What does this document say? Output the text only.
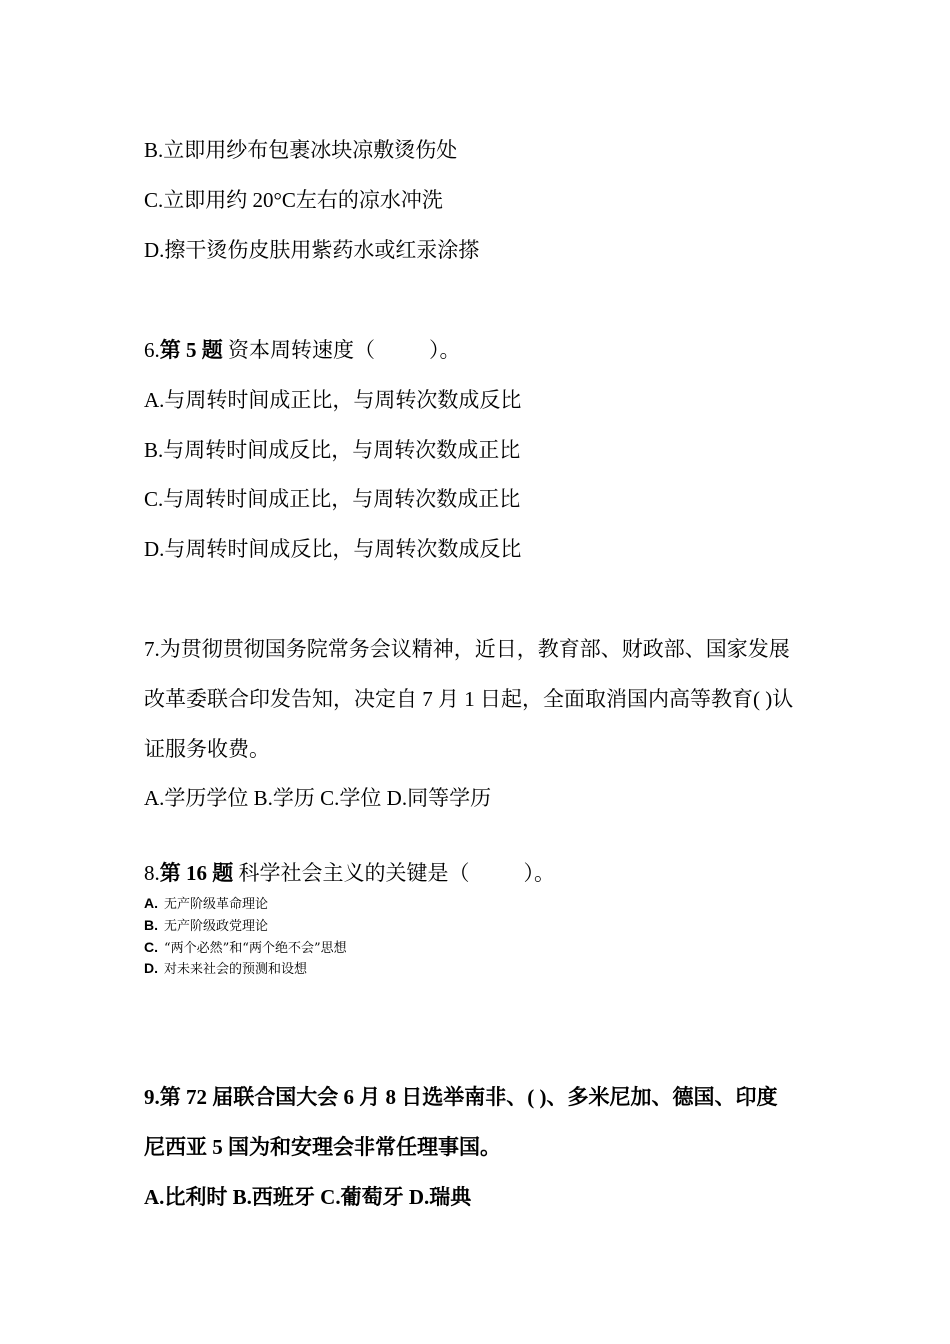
B.立即用纱布包裹冰块凉敷烫伤处
C.立即用约 20°C左右的凉水冲洗
D.擦干烫伤皮肤用紫药水或红汞涂搽
6.第 5 题 资本周转速度（	）。
A.与周转时间成正比，与周转次数成反比
B.与周转时间成反比，与周转次数成正比
C.与周转时间成正比，与周转次数成正比
D.与周转时间成反比，与周转次数成反比
7.为贯彻贯彻国务院常务会议精神，近日，教育部、财政部、国家发展
改革委联合印发告知，决定自 7 月 1 日起，全面取消国内高等教育( )认
证服务收费。
A.学历学位 B.学历 C.学位 D.同等学历
8.第 16 题 科学社会主义的关键是（	）。
A. 无产阶级革命理论
B. 无产阶级政党理论
C. “两个必然”和“两个绝不会”思想
D. 对未来社会的预测和设想
9.第 72 届联合国大会 6 月 8 日选举南非、( )、多米尼加、德国、印度
尼西亚 5 国为和安理会非常任理事国。
A.比利时 B.西班牙 C.葡萄牙 D.瑞典
